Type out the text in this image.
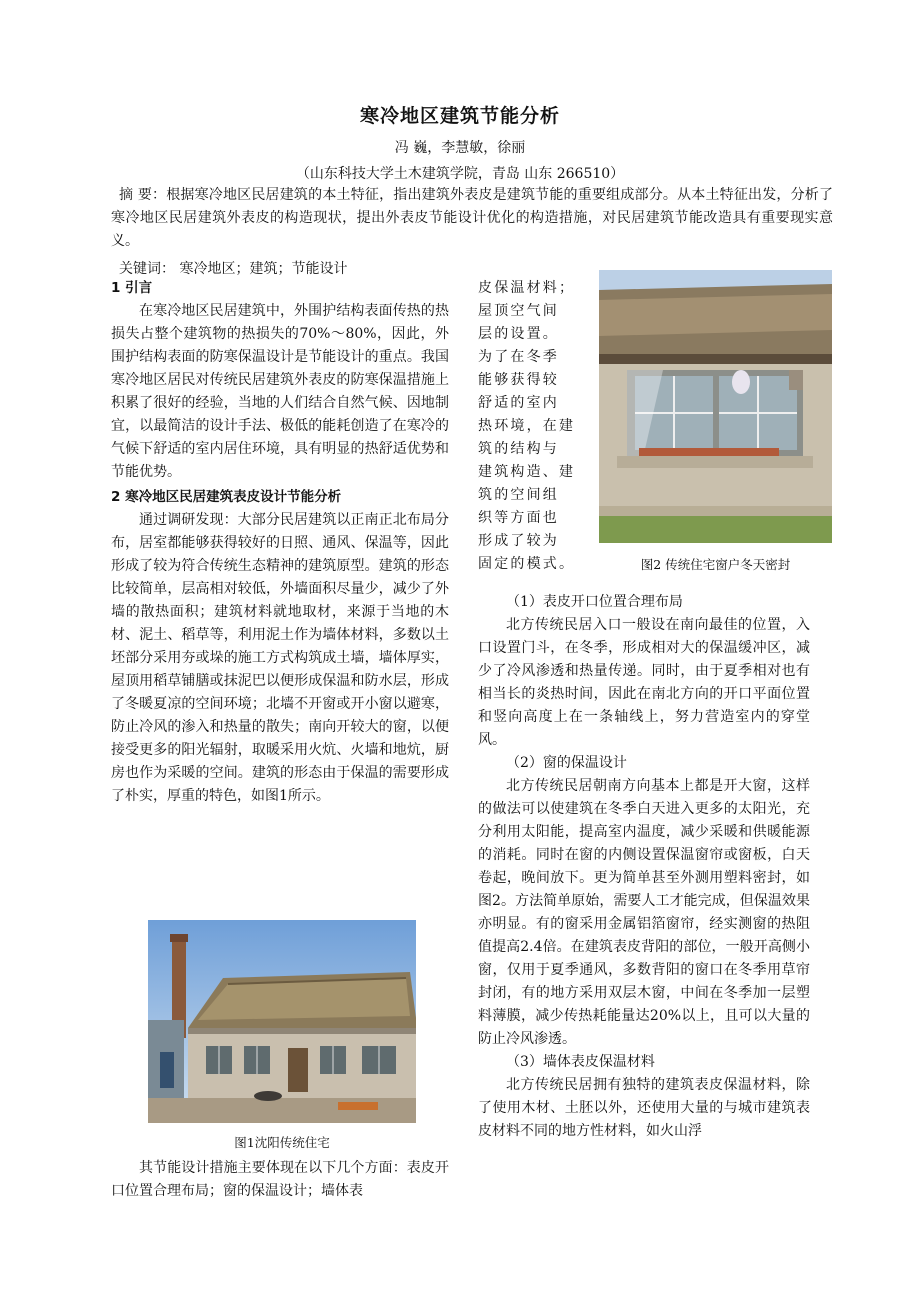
寒冷地区建筑节能分析
冯 巍，李慧敏，徐丽
（山东科技大学土木建筑学院，青岛 山东 266510）
摘 要：根据寒冷地区民居建筑的本土特征，指出建筑外表皮是建筑节能的重要组成部分。从本土特征出发，分析了寒冷地区民居建筑外表皮的构造现状，提出外表皮节能设计优化的构造措施，对民居建筑节能改造具有重要现实意义。
关键词： 寒冷地区；建筑；节能设计
1 引言

在寒冷地区民居建筑中，外围护结构表面传热的热损失占整个建筑物的热损失的70%～80%，因此，外围护结构表面的防寒保温设计是节能设计的重点。我国寒冷地区居民对传统民居建筑外表皮的防寒保温措施上积累了很好的经验，当地的人们结合自然气候、因地制宜，以最简洁的设计手法、极低的能耗创造了在寒冷的气候下舒适的室内居住环境，具有明显的热舒适优势和节能优势。

2 寒冷地区民居建筑表皮设计节能分析

通过调研发现：大部分民居建筑以正南正北布局分布，居室都能够获得较好的日照、通风、保温等，因此形成了较为符合传统生态精神的建筑原型。建筑的形态比较简单，层高相对较低，外墙面积尽量少，减少了外墙的散热面积；建筑材料就地取材，来源于当地的木材、泥土、稻草等，利用泥土作为墙体材料，多数以土坯部分采用夯或垛的施工方式构筑成土墙，墙体厚实，屋顶用稻草铺膳或抹泥巴以便形成保温和防水层，形成了冬暖夏凉的空间环境；北墙不开窗或开小窗以避寒，防止冷风的渗入和热量的散失；南向开较大的窗，以便接受更多的阳光辐射，取暖采用火炕、火墙和地炕，厨房也作为采暖的空间。建筑的形态由于保温的需要形成了朴实，厚重的特色，如图1所示。

图1沈阳传统住宅

其节能设计措施主要体现在以下几个方面：表皮开口位置合理布局；窗的保温设计；墙体表

皮保温材料；

屋顶空气间

层的设置。

为了在冬季

能够获得较

舒适的室内

热环境，在建

筑的结构与

建筑构造、建

筑的空间组

织等方面也

形成了较为

固定的模式。	图2 传统住宅窗户冬天密封

（1）表皮开口位置合理布局

北方传统民居入口一般设在南向最佳的位置，入口设置门斗，在冬季，形成相对大的保温缓冲区，减少了冷风渗透和热量传递。同时，由于夏季相对也有相当长的炎热时间，因此在南北方向的开口平面位置和竖向高度上在一条轴线上，努力营造室内的穿堂风。

（2）窗的保温设计

北方传统民居朝南方向基本上都是开大窗，这样的做法可以使建筑在冬季白天进入更多的太阳光，充分利用太阳能，提高室内温度，减少采暖和供暖能源的消耗。同时在窗的内侧设置保温窗帘或窗板，白天卷起，晚间放下。更为简单甚至外测用塑料密封，如图2。方法简单原始，需要人工才能完成，但保温效果亦明显。有的窗采用金属铝箔窗帘，经实测窗的热阻值提高2.4倍。在建筑表皮背阳的部位，一般开高侧小窗，仅用于夏季通风，多数背阳的窗口在冬季用草帘封闭，有的地方采用双层木窗，中间在冬季加一层塑料薄膜，减少传热耗能量达20%以上，且可以大量的防止冷风渗透。

（3）墙体表皮保温材料

北方传统民居拥有独特的建筑表皮保温材料，除了使用木材、土胚以外，还使用大量的与城市建筑表皮材料不同的地方性材料，如火山浮
